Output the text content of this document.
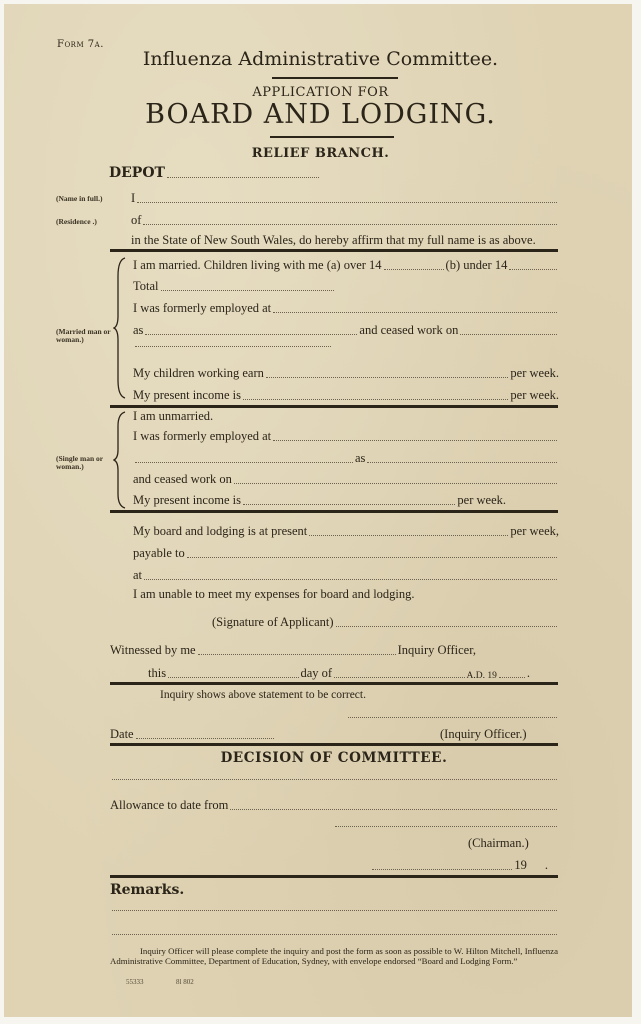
Form 7a.
Influenza Administrative Committee.
APPLICATION FOR
BOARD AND LODGING.
RELIEF BRANCH.
DEPOT
(Name in full.)
(Residence .)
I
of
in the State of New South Wales, do hereby affirm that my full name is as above.
(Married man or woman.)
I am married. Children living with me (a) over 14	(b) under 14
Total
I was formerly employed at
as	and ceased work on
My children working earn	per week.
My present income is	per week.
(Single man or woman.)
I am unmarried.
I was formerly employed at
as
and ceased work on
My present income is	per week.
My board and lodging is at present	per week,
payable to
at
I am unable to meet my expenses for board and lodging.
(Signature of Applicant)
Witnessed by me	Inquiry Officer,
this	day of	A.D. 19 .
Inquiry shows above statement to be correct.
Date	(Inquiry Officer.)
DECISION OF COMMITTEE.
Allowance to date from
(Chairman.)
19 .
Remarks.
Inquiry Officer will please complete the inquiry and post the form as soon as possible to W. Hilton Mitchell, Influenza Administrative Committee, Department of Education, Sydney, with envelope endorsed “Board and Lodging Form.”
55333	8l 802
